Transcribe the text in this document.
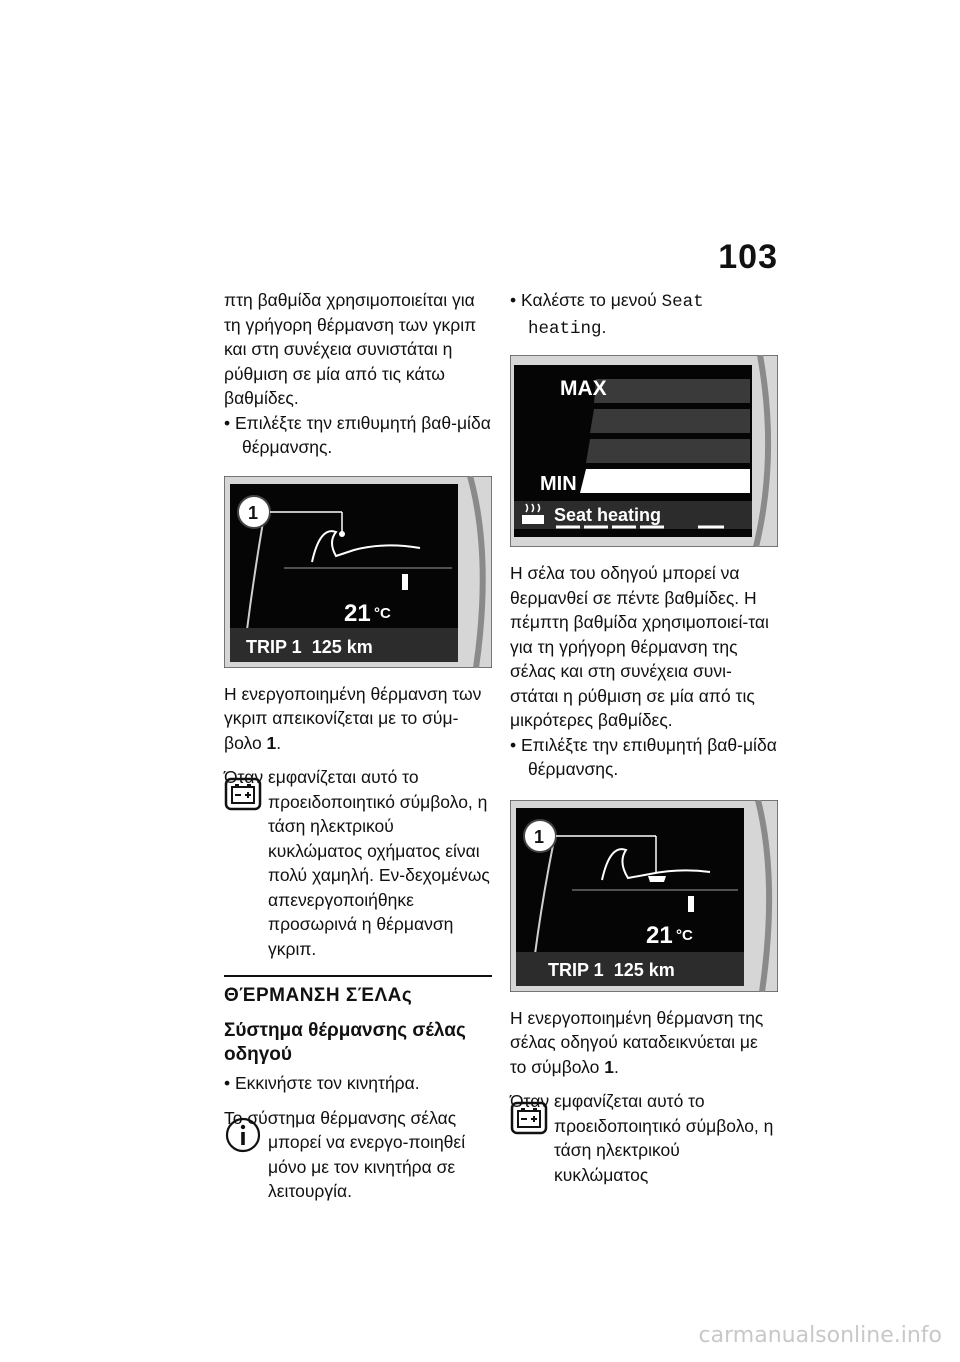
103

πτη βαθμίδα χρησιμοποιείται για τη γρήγορη θέρμανση των γκριπ και στη συνέχεια συνιστάται η ρύθμιση σε μία από τις κάτω βαθμίδες.

• Επιλέξτε την επιθυμητή βαθ-μίδα θέρμανσης.
21 °C
TRIP 1  125 km
1

Η ενεργοποιημένη θέρμανση των γκριπ απεικονίζεται με το σύμ-βολο 1.

Όταν εμφανίζεται αυτό το προειδοποιητικό σύμβολο, η τάση ηλεκτρικού κυκλώματος οχήματος είναι πολύ χαμηλή. Εν-δεχομένως απενεργοποιήθηκε προσωρινά η θέρμανση γκριπ.

ΘΈΡΜΑΝΣΗ ΣΈΛΑς
Σύστημα θέρμανσης σέλας οδηγού
• Εκκινήστε τον κινητήρα.

Το σύστημα θέρμανσης σέλας μπορεί να ενεργο-ποιηθεί μόνο με τον κινητήρα σε λειτουργία.

• Καλέστε το μενού Seat heating.
MAX
MIN
Seat heating

Η σέλα του οδηγού μπορεί να θερμανθεί σε πέντε βαθμίδες. Η πέμπτη βαθμίδα χρησιμοποιεί-ται για τη γρήγορη θέρμανση της σέλας και στη συνέχεια συνι-στάται η ρύθμιση σε μία από τις μικρότερες βαθμίδες.

• Επιλέξτε την επιθυμητή βαθ-μίδα θέρμανσης.
21 °C
TRIP 1  125 km
1

Η ενεργοποιημένη θέρμανση της σέλας οδηγού καταδεικνύεται με το σύμβολο 1.

Όταν εμφανίζεται αυτό το προειδοποιητικό σύμβολο, η τάση ηλεκτρικού κυκλώματος

carmanualsonline.info
